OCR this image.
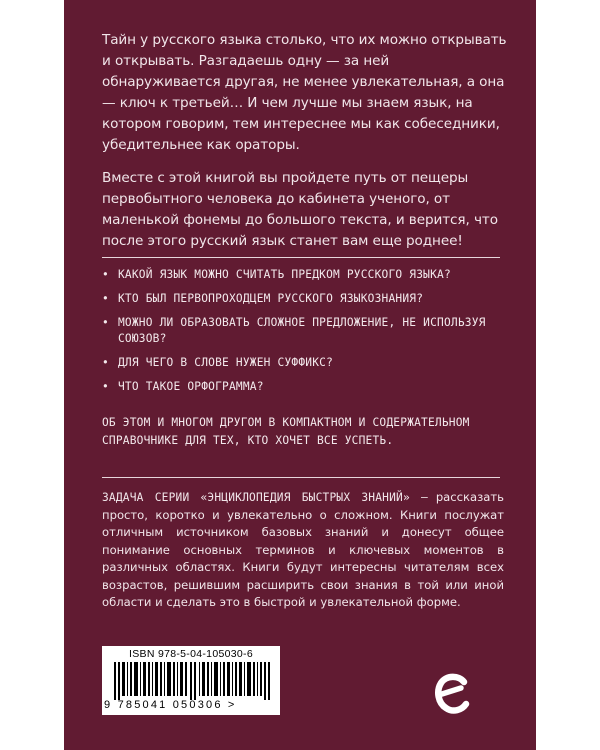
Тайн у русского языка столько, что их можно открывать и открывать. Разгадаешь одну — за ней обнаруживается другая, не менее увлекательная, а она — ключ к третьей… И чем лучше мы знаем язык, на котором говорим, тем интереснее мы как собеседники, убедительнее как ораторы.

Вместе с этой книгой вы пройдете путь от пещеры первобытного человека до кабинета ученого, от маленькой фонемы до большого текста, и верится, что после этого русский язык станет вам еще роднее!

• КАКОЙ ЯЗЫК МОЖНО СЧИТАТЬ ПРЕДКОМ РУССКОГО ЯЗЫКА?
• КТО БЫЛ ПЕРВОПРОХОДЦЕМ РУССКОГО ЯЗЫКОЗНАНИЯ?
• МОЖНО ЛИ ОБРАЗОВАТЬ СЛОЖНОЕ ПРЕДЛОЖЕНИЕ, НЕ ИСПОЛЬЗУЯ СОЮЗОВ?
• ДЛЯ ЧЕГО В СЛОВЕ НУЖЕН СУФФИКС?
• ЧТО ТАКОЕ ОРФОГРАММА?

ОБ ЭТОМ И МНОГОМ ДРУГОМ В КОМПАКТНОМ И СОДЕРЖАТЕЛЬНОМ СПРАВОЧНИКЕ ДЛЯ ТЕХ, КТО ХОЧЕТ ВСЕ УСПЕТЬ.

ЗАДАЧА СЕРИИ «ЭНЦИКЛОПЕДИЯ БЫСТРЫХ ЗНАНИЙ» — рассказать просто, коротко и увлекательно о сложном. Книги послужат отличным источником базовых знаний и донесут общее понимание основных терминов и ключевых моментов в различных областях. Книги будут интересны читателям всех возрастов, решившим расширить свои знания в той или иной области и сделать это в быстрой и увлекательной форме.

ISBN 978-5-04-105030-6
9 785041 050306 >
